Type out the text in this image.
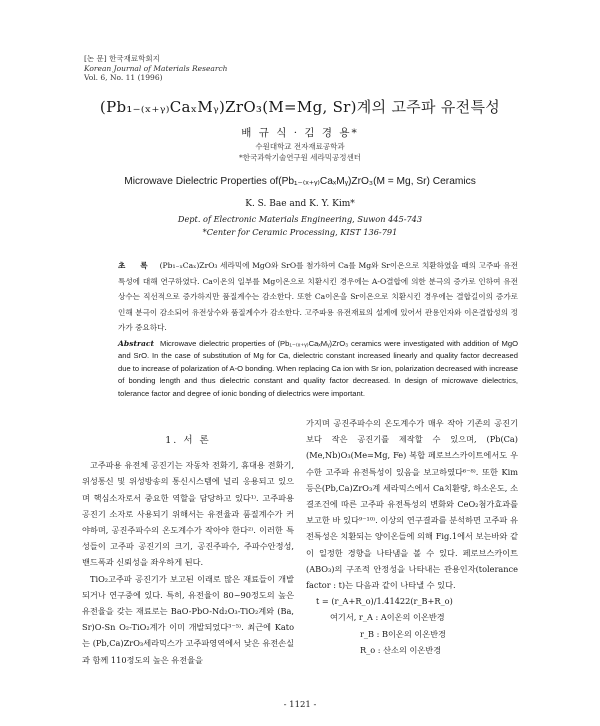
[논 문] 한국재료학회지
Korean Journal of Materials Research
Vol. 6, No. 11 (1996)
(Pb₁₋₍ₓ₊ᵧ₎CaₓMᵧ)ZrO₃(M=Mg, Sr)계의 고주파 유전특성
배 규 식 · 김 경 용*
수원대학교 전자재료공학과
*한국과학기술연구원 세라믹공정센터
Microwave Dielectric Properties of(Pb₁₋₍ₓ₊ᵧ₎CaₓMᵧ)ZrO₃(M = Mg, Sr) Ceramics
K. S. Bae and K. Y. Kim*
Dept. of Electronic Materials Engineering, Suwon 445-743
*Center for Ceramic Processing, KIST 136-791
초 록 (Pb₁₋ₓCaₓ)ZrO₃ 세라믹에 MgO와 SrO를 첨가하여 Ca를 Mg와 Sr이온으로 치환하였을 때의 고주파 유전특성에 대해 연구하였다. Ca이온의 일부를 Mg이온으로 치환시킨 경우에는 A-O결합에 의한 분극의 증가로 인하여 유전상수는 직선적으로 증가하지만 품질계수는 감소한다. 또한 Ca이온을 Sr이온으로 치환시킨 경우에는 결합길이의 증가로 인해 분극이 감소되어 유전상수와 품질계수가 감소한다. 고주파용 유전재료의 설계에 있어서 관용인자와 이온결합성의 정가가 중요하다.
Abstract Microwave dielectric properties of (Pb₁₋₍ₓ₊ᵧ₎CaₓMᵧ)ZrO₃ ceramics were investigated with addition of MgO and SrO. In the case of substitution of Mg for Ca, dielectric constant increased linearly and quality factor decreased due to increase of polarization of A-O bonding. When replacing Ca ion with Sr ion, polarization decreased with increase of bonding length and thus dielectric constant and quality factor decreased. In design of microwave dielectrics, tolerance factor and degree of ionic bonding of dielectrics were important.
1. 서 론

고주파용 유전체 공진기는 자동차 전화기, 휴대용 전화기, 위성통신 및 위성방송의 통신시스템에 널리 응용되고 있으며 핵심소자로서 중요한 역할을 담당하고 있다¹⁾. 고주파용 공진기 소자로 사용되기 위해서는 유전율과 품질계수가 커야하며, 공진주파수의 온도계수가 작아야 한다²⁾. 이러한 특성들이 고주파 공진기의 크기, 공진주파수, 주파수안정성, 밴드폭과 신뢰성을 좌우하게 된다.

TiO₂고주파 공진기가 보고된 이래로 많은 재료들이 개발되거나 연구중에 있다. 특히, 유전율이 80~90정도의 높은 유전율을 갖는 재료로는 BaO-PbO-Nd₂O₃-TiO₂계와 (Ba, Sr)O-Sn O₂-TiO₂계가 이미 개발되었다³⁻⁵⁾. 최근에 Kato는 (Pb,Ca)ZrO₃세라믹스가 고주파영역에서 낮은 유전손실과 함께 110정도의 높은 유전율을

가지며 공진주파수의 온도계수가 매우 작아 기존의 공진기보다 작은 공진기를 제작할 수 있으며, (Pb(Ca)(Me,Nb)O₃(Me=Mg, Fe) 복합 페로브스카이트에서도 우수한 고주파 유전특성이 있음을 보고하였다⁶⁻⁸⁾. 또한 Kim 등은(Pb,Ca)ZrO₃계 세라믹스에서 Ca치환량, 하소온도, 소결조건에 따른 고주파 유전특성의 변화와 CeO₂첨가효과를 보고한 바 있다⁹⁻¹⁰⁾. 이상의 연구결과를 분석하면 고주파 유전특성은 치환되는 양이온들에 의해 Fig.1에서 보는바와 같이 일정한 경향을 나타냄을 볼 수 있다. 페로브스카이트(ABO₃)의 구조적 안정성을 나타내는 관용인자(tolerance factor : t)는 다음과 같이 나타낼 수 있다.

t = (r_A+R_o)/1.41422(r_B+R_o)

여기서, r_A : A이온의 이온반경

r_B : B이온의 이온반경

R_o : 산소의 이온반경

- 1121 -
